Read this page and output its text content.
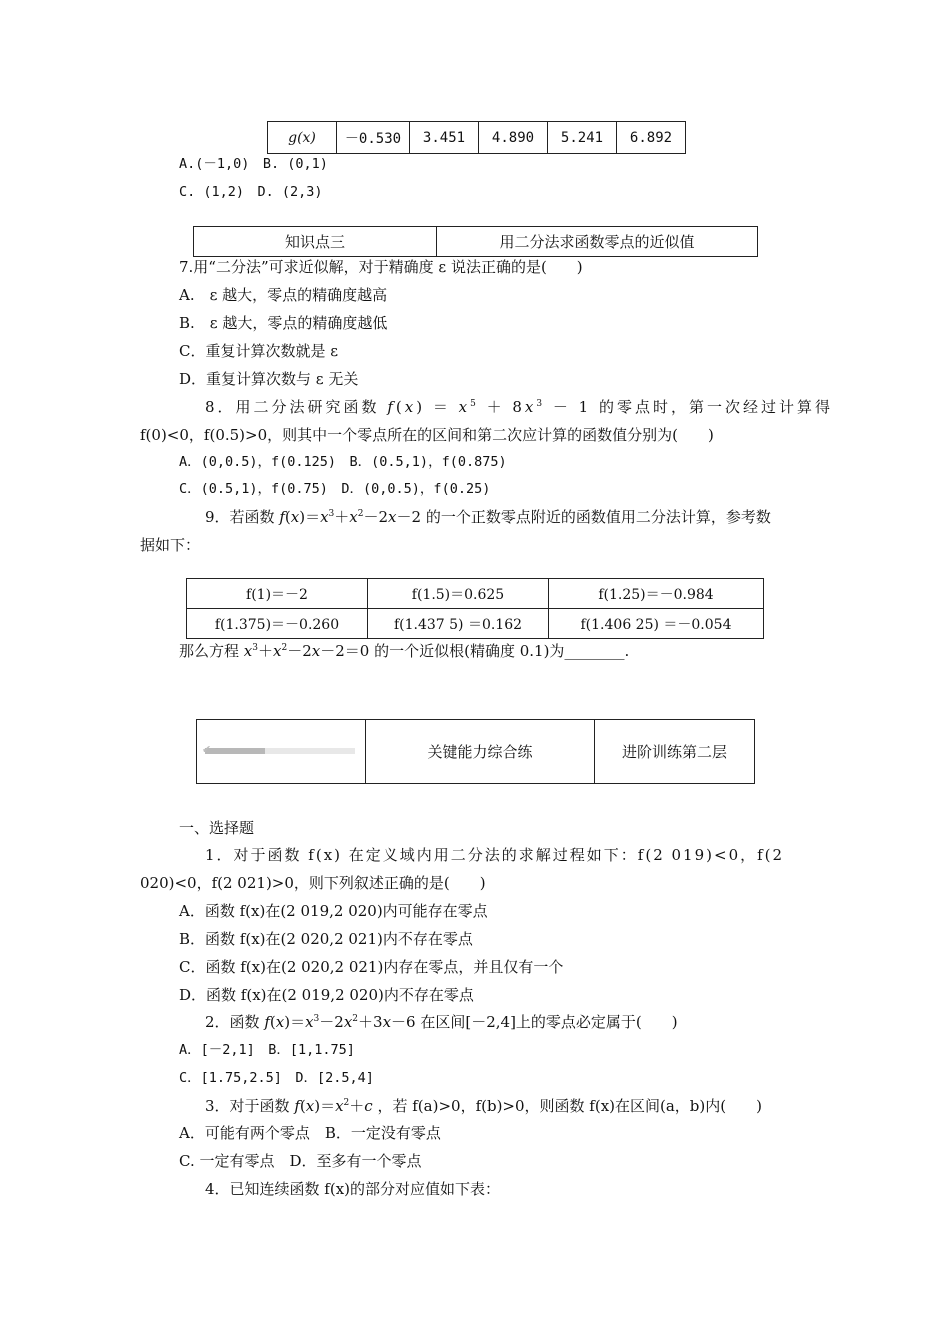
g(x)	－0.530	3.451	4.890	5.241	6.892
A.(－1,0)　B. (0,1)
C. (1,2)　D. (2,3)
知识点三	用二分法求函数零点的近似值
7.用“二分法”可求近似解，对于精确度 ε 说法正确的是(　　)
A.　ε 越大，零点的精确度越高
B.　ε 越大，零点的精确度越低
C．重复计算次数就是 ε
D．重复计算次数与 ε 无关
8．用二分法研究函数 $f(x) = x^5 + 8x^3 - 1$ 的零点时，第一次经过计算得
f(0)<0，f(0.5)>0，则其中一个零点所在的区间和第二次应计算的函数值分别为(　　)
A．(0,0.5)，f(0.125)　B．(0.5,1)，f(0.875)
C．(0.5,1)，f(0.75)　D．(0,0.5)，f(0.25)
9．若函数 $f(x)=x^3+x^2-2x-2$ 的一个正数零点附近的函数值用二分法计算，参考数
据如下：
f(1)＝－2	f(1.5)＝0.625	f(1.25)＝－0.984
f(1.375)＝－0.260	f(1.437 5) ＝0.162	f(1.406 25) ＝－0.054
那么方程 $x^3+x^2-2x-2=0$ 的一个近似根(精确度 0.1)为________.
✔	关键能力综合练	进阶训练第二层
一、选择题
1．对于函数 f(x) 在定义域内用二分法的求解过程如下：f(2 019)<0，f(2
020)<0，f(2 021)>0，则下列叙述正确的是(　　)
A．函数 f(x)在(2 019,2 020)内可能存在零点
B．函数 f(x)在(2 020,2 021)内不存在零点
C．函数 f(x)在(2 020,2 021)内存在零点，并且仅有一个
D．函数 f(x)在(2 019,2 020)内不存在零点
2．函数 $f(x)=x^3-2x^2+3x-6$ 在区间[－2,4]上的零点必定属于(　　)
A．[－2,1]　B．[1,1.75]
C．[1.75,2.5]　D．[2.5,4]
3．对于函数 $f(x)=x^2+c$ ，若 f(a)>0，f(b)>0，则函数 f(x)在区间(a，b)内(　　)
A．可能有两个零点　B．一定没有零点
C. 一定有零点　D．至多有一个零点
4．已知连续函数 f(x)的部分对应值如下表：
